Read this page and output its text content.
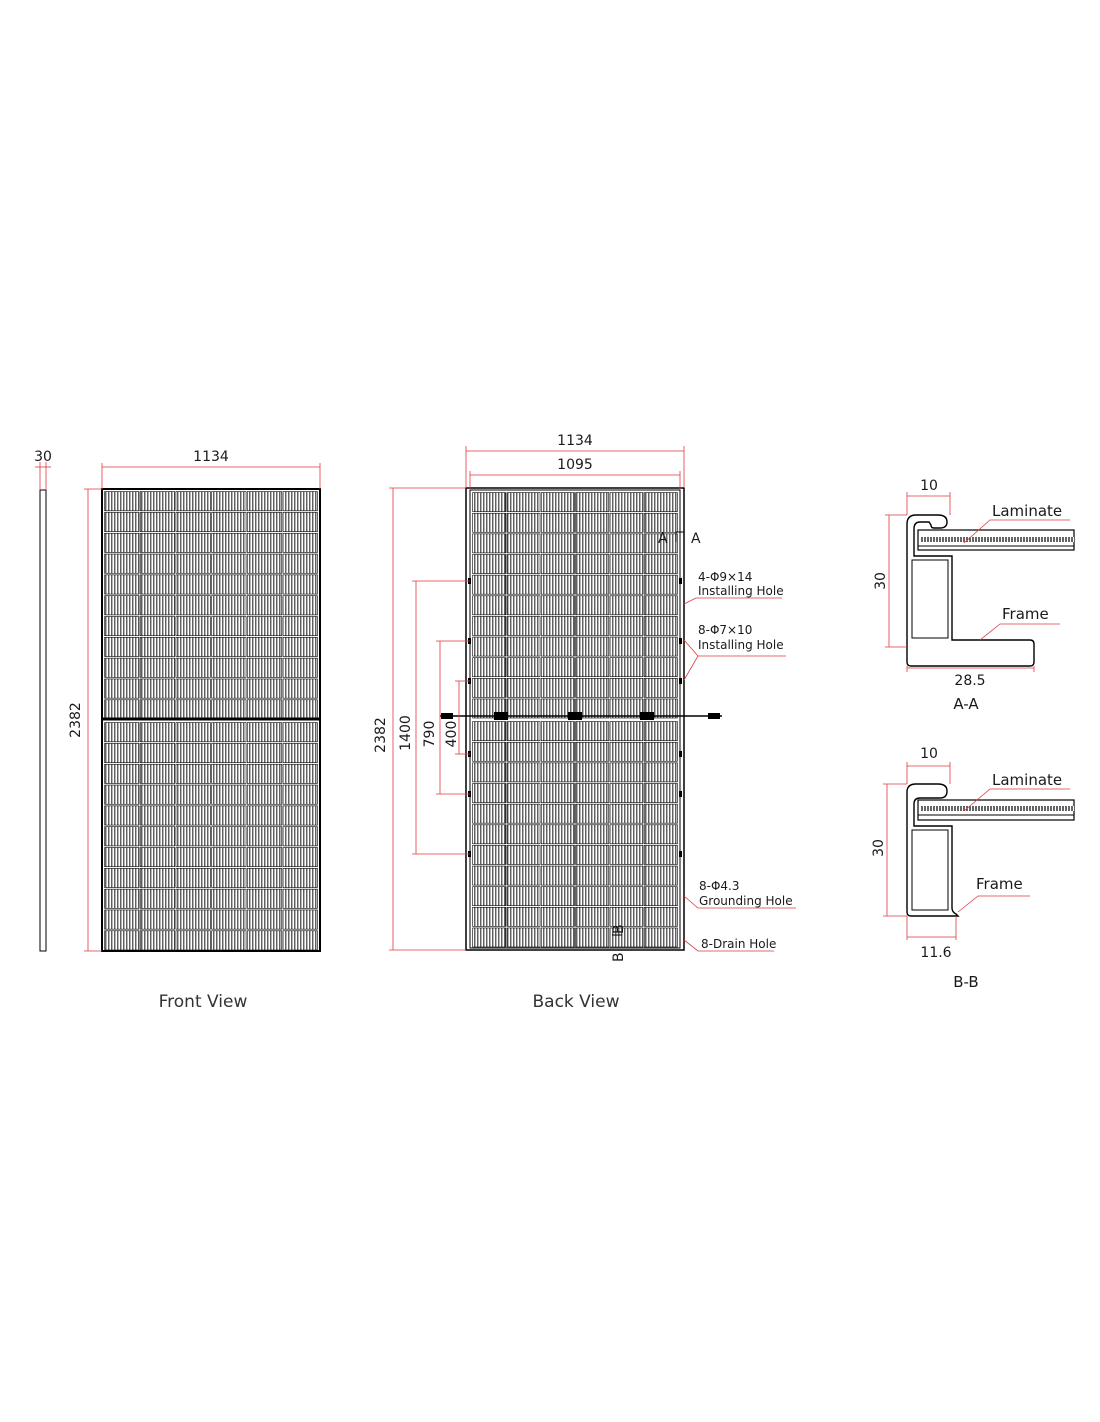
30	1134
2382
Front View
1134
1095
2382 1400 790 400
A A
B
B
4-Φ9×14
Installing Hole
8-Φ7×10
Installing Hole
8-Φ4.3
Grounding Hole
8-Drain Hole
Back View
10
30
28.5
Laminate
Frame
A-A
10
30
11.6
Laminate
Frame
B-B
